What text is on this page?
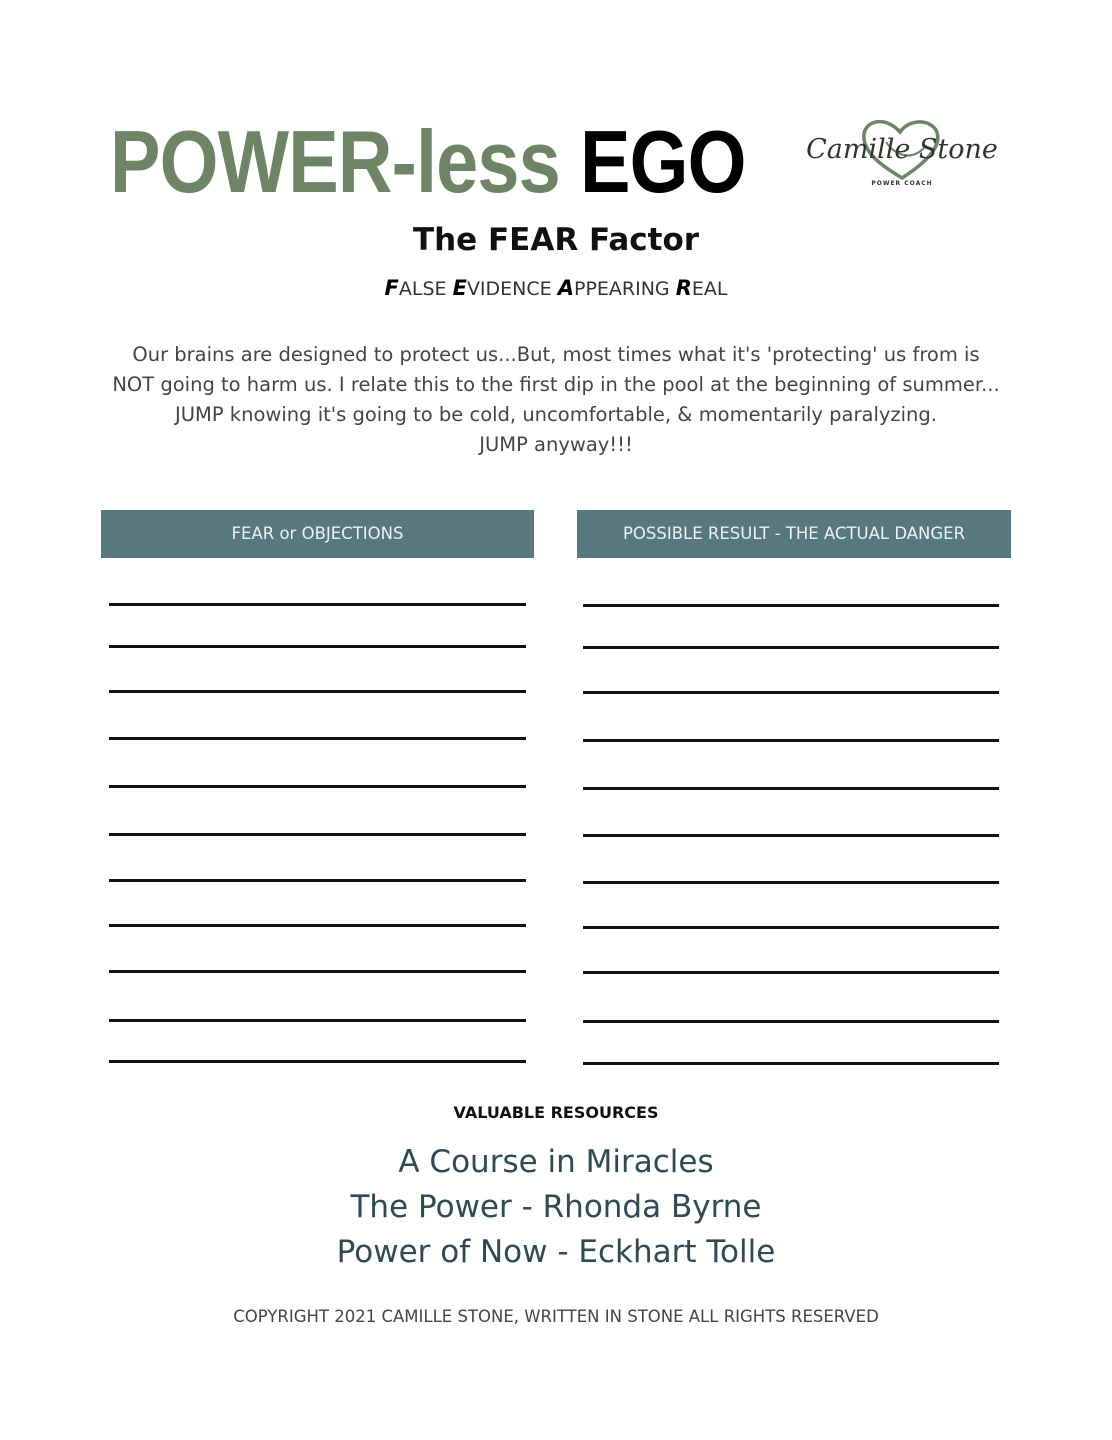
POWER-less EGO Camille Stone
POWER COACH
The FEAR Factor
FALSE EVIDENCE APPEARING REAL
Our brains are designed to protect us...But, most times what it's 'protecting' us from is
NOT going to harm us. I relate this to the first dip in the pool at the beginning of summer...
JUMP knowing it's going to be cold, uncomfortable, & momentarily paralyzing.
JUMP anyway!!!
FEAR or OBJECTIONS	POSSIBLE RESULT - THE ACTUAL DANGER
VALUABLE RESOURCES
A Course in Miracles
The Power - Rhonda Byrne
Power of Now - Eckhart Tolle
COPYRIGHT 2021 CAMILLE STONE, WRITTEN IN STONE ALL RIGHTS RESERVED
